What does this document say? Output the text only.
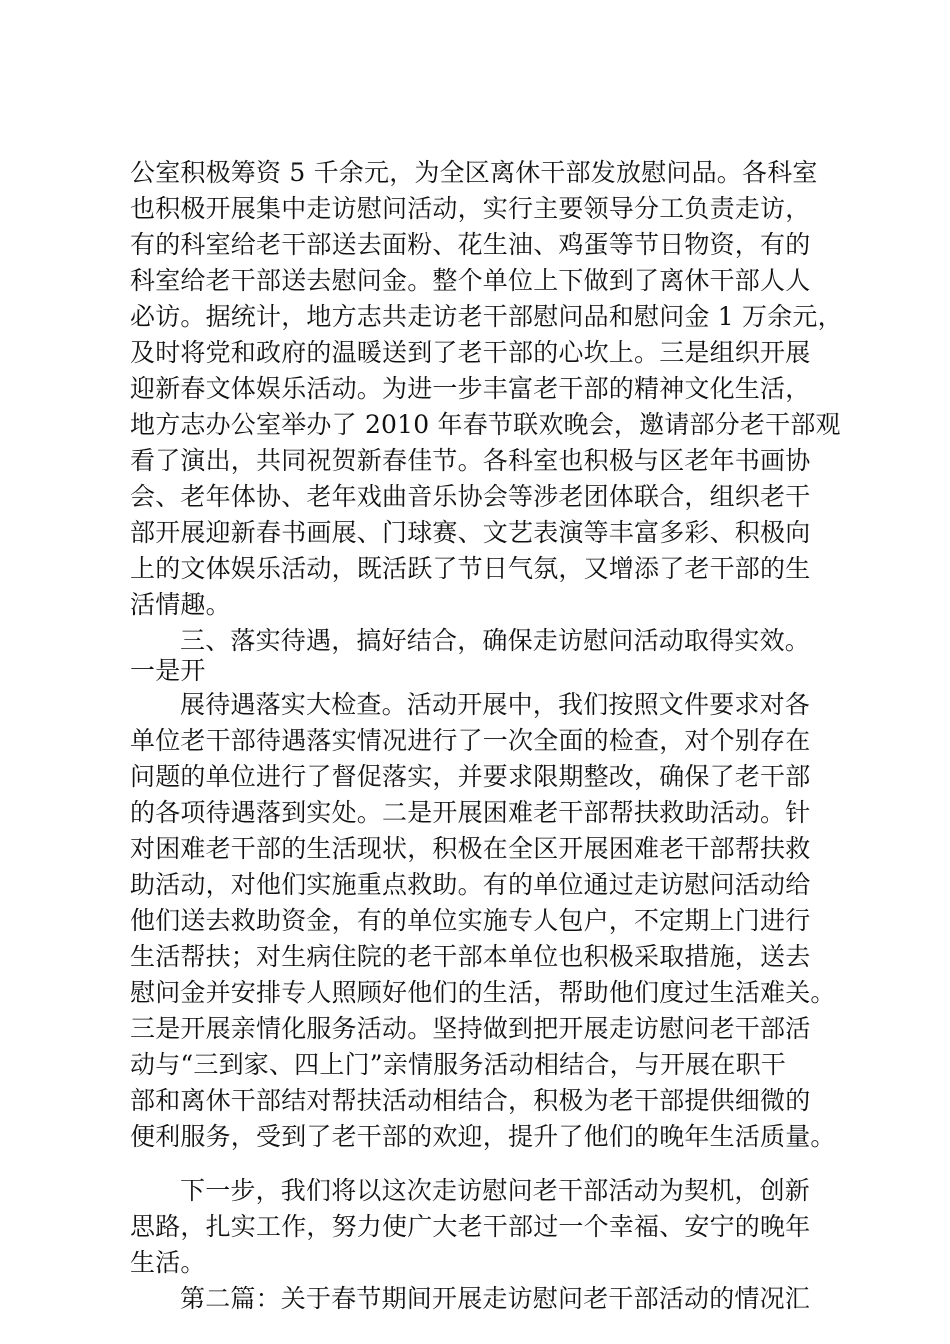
公室积极筹资 5 千余元，为全区离休干部发放慰问品。各科室
也积极开展集中走访慰问活动，实行主要领导分工负责走访，
有的科室给老干部送去面粉、花生油、鸡蛋等节日物资，有的
科室给老干部送去慰问金。整个单位上下做到了离休干部人人
必访。据统计，地方志共走访老干部慰问品和慰问金 1 万余元，
及时将党和政府的温暖送到了老干部的心坎上。三是组织开展
迎新春文体娱乐活动。为进一步丰富老干部的精神文化生活，
地方志办公室举办了 2010 年春节联欢晚会，邀请部分老干部观
看了演出，共同祝贺新春佳节。各科室也积极与区老年书画协
会、老年体协、老年戏曲音乐协会等涉老团体联合，组织老干
部开展迎新春书画展、门球赛、文艺表演等丰富多彩、积极向
上的文体娱乐活动，既活跃了节日气氛，又增添了老干部的生
活情趣。
三、落实待遇，搞好结合，确保走访慰问活动取得实效。
一是开
展待遇落实大检查。活动开展中，我们按照文件要求对各
单位老干部待遇落实情况进行了一次全面的检查，对个别存在
问题的单位进行了督促落实，并要求限期整改，确保了老干部
的各项待遇落到实处。二是开展困难老干部帮扶救助活动。针
对困难老干部的生活现状，积极在全区开展困难老干部帮扶救
助活动，对他们实施重点救助。有的单位通过走访慰问活动给
他们送去救助资金，有的单位实施专人包户，不定期上门进行
生活帮扶；对生病住院的老干部本单位也积极采取措施，送去
慰问金并安排专人照顾好他们的生活，帮助他们度过生活难关。
三是开展亲情化服务活动。坚持做到把开展走访慰问老干部活
动与“三到家、四上门”亲情服务活动相结合，与开展在职干
部和离休干部结对帮扶活动相结合，积极为老干部提供细微的
便利服务，受到了老干部的欢迎，提升了他们的晚年生活质量。
下一步，我们将以这次走访慰问老干部活动为契机，创新
思路，扎实工作，努力使广大老干部过一个幸福、安宁的晚年
生活。
第二篇：关于春节期间开展走访慰问老干部活动的情况汇
